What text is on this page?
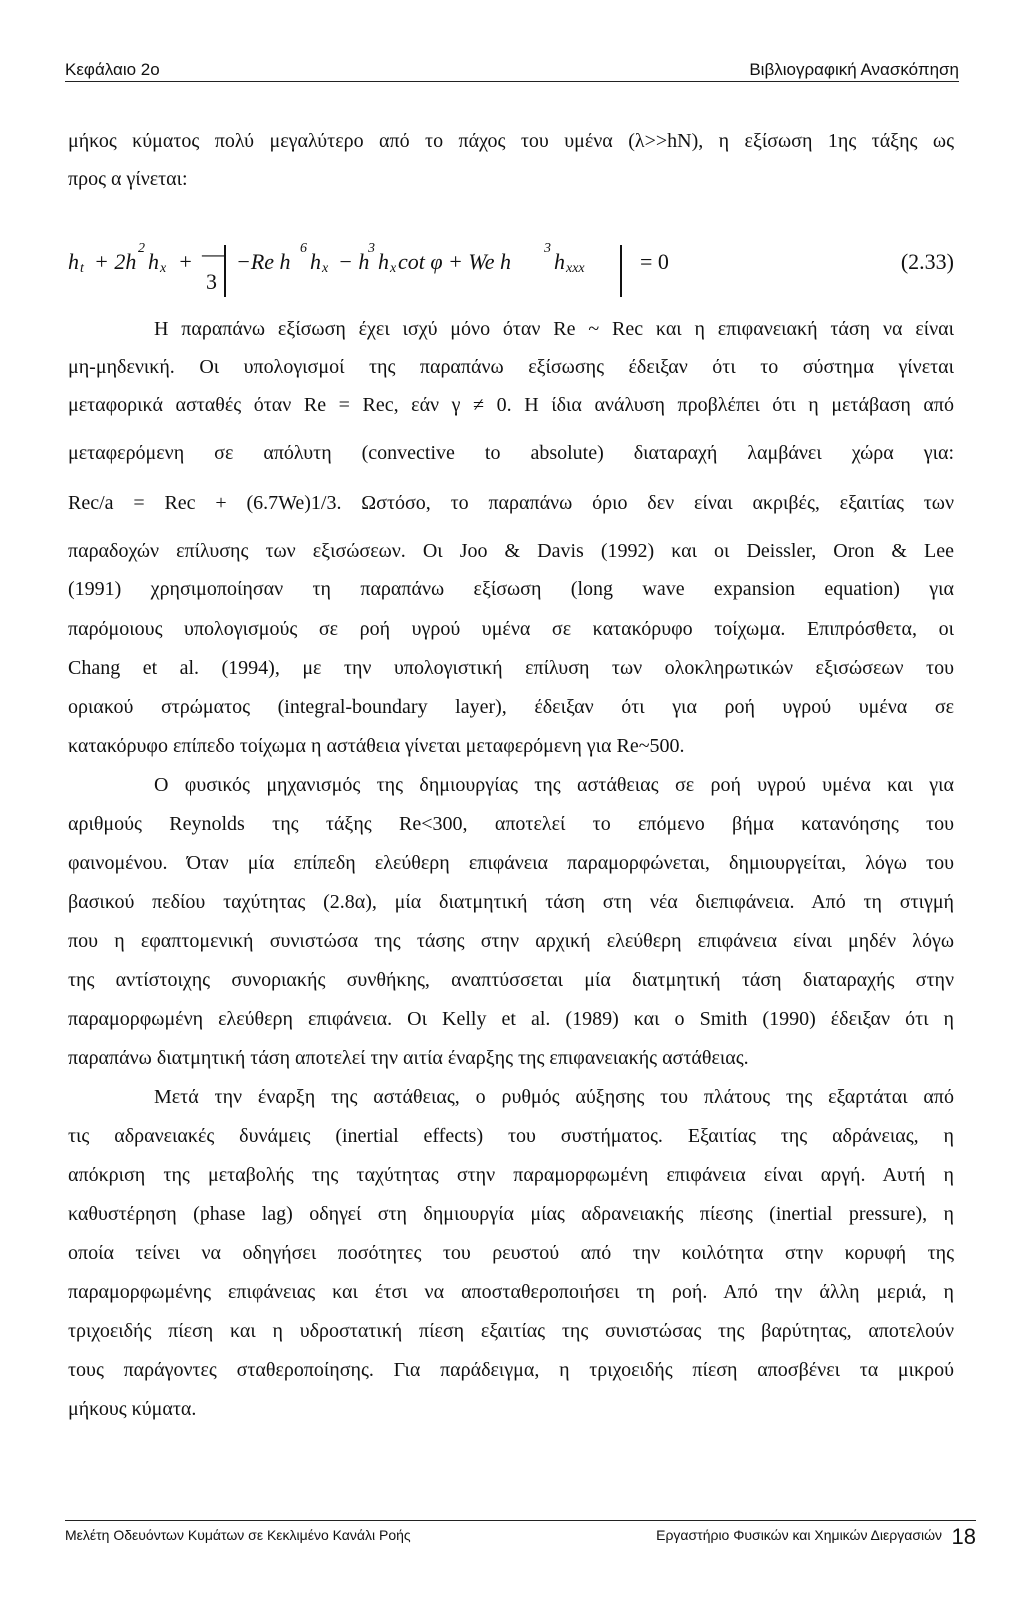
Κεφάλαιο 2ο	Βιβλιογραφική Ανασκόπηση
μήκος κύματος πολύ μεγαλύτερο από το πάχος του υμένα (λ>>hN), η εξίσωση 1ης τάξης ως
προς α γίνεται:
h t + 2h
2
h x + —
3
−Re h
6
h x − h
3
h x cot φ + We h
3
h xxx	= 0	(2.33)
Η παραπάνω εξίσωση έχει ισχύ μόνο όταν Re ~ Rec και η επιφανειακή τάση να είναι
μη-μηδενική. Οι υπολογισμοί της παραπάνω εξίσωσης έδειξαν ότι το σύστημα γίνεται
μεταφορικά ασταθές όταν Re = Rec, εάν γ ≠ 0. Η ίδια ανάλυση προβλέπει ότι η μετάβαση από
μεταφερόμενη σε απόλυτη (convective to absolute) διαταραχή λαμβάνει χώρα για:
Rec/a = Rec + (6.7We)1/3. Ωστόσο, το παραπάνω όριο δεν είναι ακριβές, εξαιτίας των
παραδοχών επίλυσης των εξισώσεων. Οι Joo & Davis (1992) και οι Deissler, Oron & Lee
(1991) χρησιμοποίησαν τη παραπάνω εξίσωση (long wave expansion equation) για
παρόμοιους υπολογισμούς σε ροή υγρού υμένα σε κατακόρυφο τοίχωμα. Επιπρόσθετα, οι
Chang et al. (1994), με την υπολογιστική επίλυση των ολοκληρωτικών εξισώσεων του
οριακού στρώματος (integral-boundary layer), έδειξαν ότι για ροή υγρού υμένα σε
κατακόρυφο επίπεδο τοίχωμα η αστάθεια γίνεται μεταφερόμενη για Re~500.
Ο φυσικός μηχανισμός της δημιουργίας της αστάθειας σε ροή υγρού υμένα και για
αριθμούς Reynolds της τάξης Re<300, αποτελεί το επόμενο βήμα κατανόησης του
φαινομένου. Όταν μία επίπεδη ελεύθερη επιφάνεια παραμορφώνεται, δημιουργείται, λόγω του
βασικού πεδίου ταχύτητας (2.8α), μία διατμητική τάση στη νέα διεπιφάνεια. Από τη στιγμή
που η εφαπτομενική συνιστώσα της τάσης στην αρχική ελεύθερη επιφάνεια είναι μηδέν λόγω
της αντίστοιχης συνοριακής συνθήκης, αναπτύσσεται μία διατμητική τάση διαταραχής στην
παραμορφωμένη ελεύθερη επιφάνεια. Οι Kelly et al. (1989) και ο Smith (1990) έδειξαν ότι η
παραπάνω διατμητική τάση αποτελεί την αιτία έναρξης της επιφανειακής αστάθειας.
Μετά την έναρξη της αστάθειας, ο ρυθμός αύξησης του πλάτους της εξαρτάται από
τις αδρανειακές δυνάμεις (inertial effects) του συστήματος. Εξαιτίας της αδράνειας, η
απόκριση της μεταβολής της ταχύτητας στην παραμορφωμένη επιφάνεια είναι αργή. Αυτή η
καθυστέρηση (phase lag) οδηγεί στη δημιουργία μίας αδρανειακής πίεσης (inertial pressure), η
οποία τείνει να οδηγήσει ποσότητες του ρευστού από την κοιλότητα στην κορυφή της
παραμορφωμένης επιφάνειας και έτσι να αποσταθεροποιήσει τη ροή. Από την άλλη μεριά, η
τριχοειδής πίεση και η υδροστατική πίεση εξαιτίας της συνιστώσας της βαρύτητας, αποτελούν
τους παράγοντες σταθεροποίησης. Για παράδειγμα, η τριχοειδής πίεση αποσβένει τα μικρού
μήκους κύματα.
Μελέτη Οδευόντων Κυμάτων σε Κεκλιμένο Κανάλι Ροής	Εργαστήριο Φυσικών και Χημικών Διεργασιών 18
